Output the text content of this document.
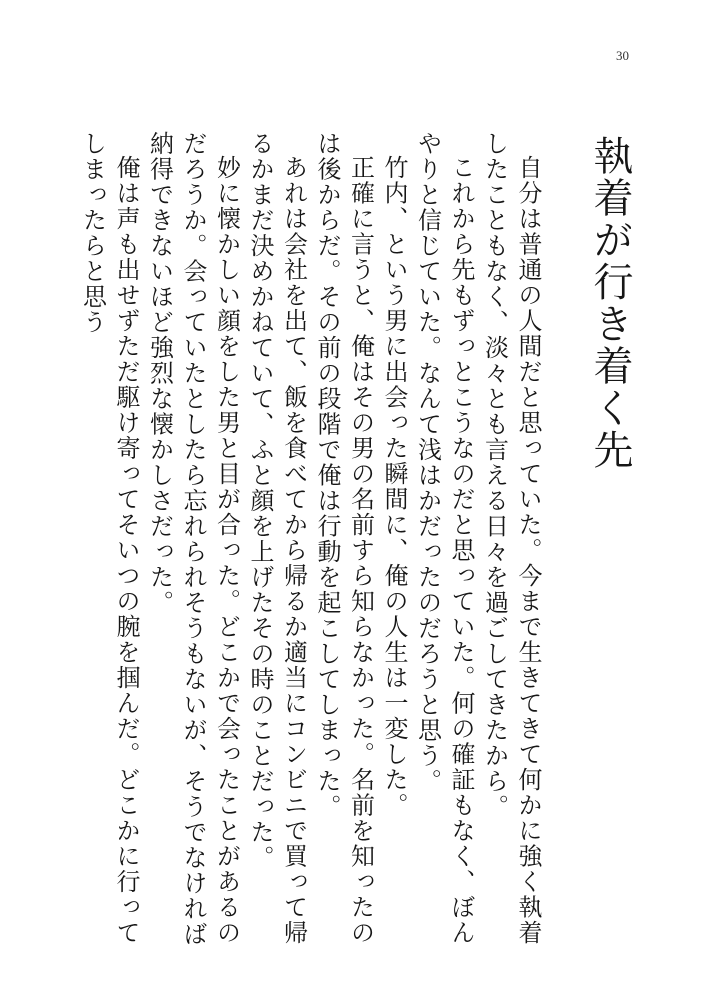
30
執着が行き着く先

自分は普通の人間だと思っていた。今まで生きてきて何かに強く執着したこともなく、淡々とも言える日々を過ごしてきたから。

これから先もずっとこうなのだと思っていた。何の確証もなく、ぼんやりと信じていた。なんて浅はかだったのだろうと思う。

竹内、という男に出会った瞬間に、俺の人生は一変した。

正確に言うと、俺はその男の名前すら知らなかった。名前を知ったのは後からだ。その前の段階で俺は行動を起こしてしまった。

あれは会社を出て、飯を食べてから帰るか適当にコンビニで買って帰るかまだ決めかねていて、ふと顔を上げたその時のことだった。

妙に懐かしい顔をした男と目が合った。どこかで会ったことがあるのだろうか。会っていたとしたら忘れられそうもないが、そうでなければ納得できないほど強烈な懐かしさだった。

俺は声も出せずただ駆け寄ってそいつの腕を掴んだ。どこかに行ってしまったらと思う
